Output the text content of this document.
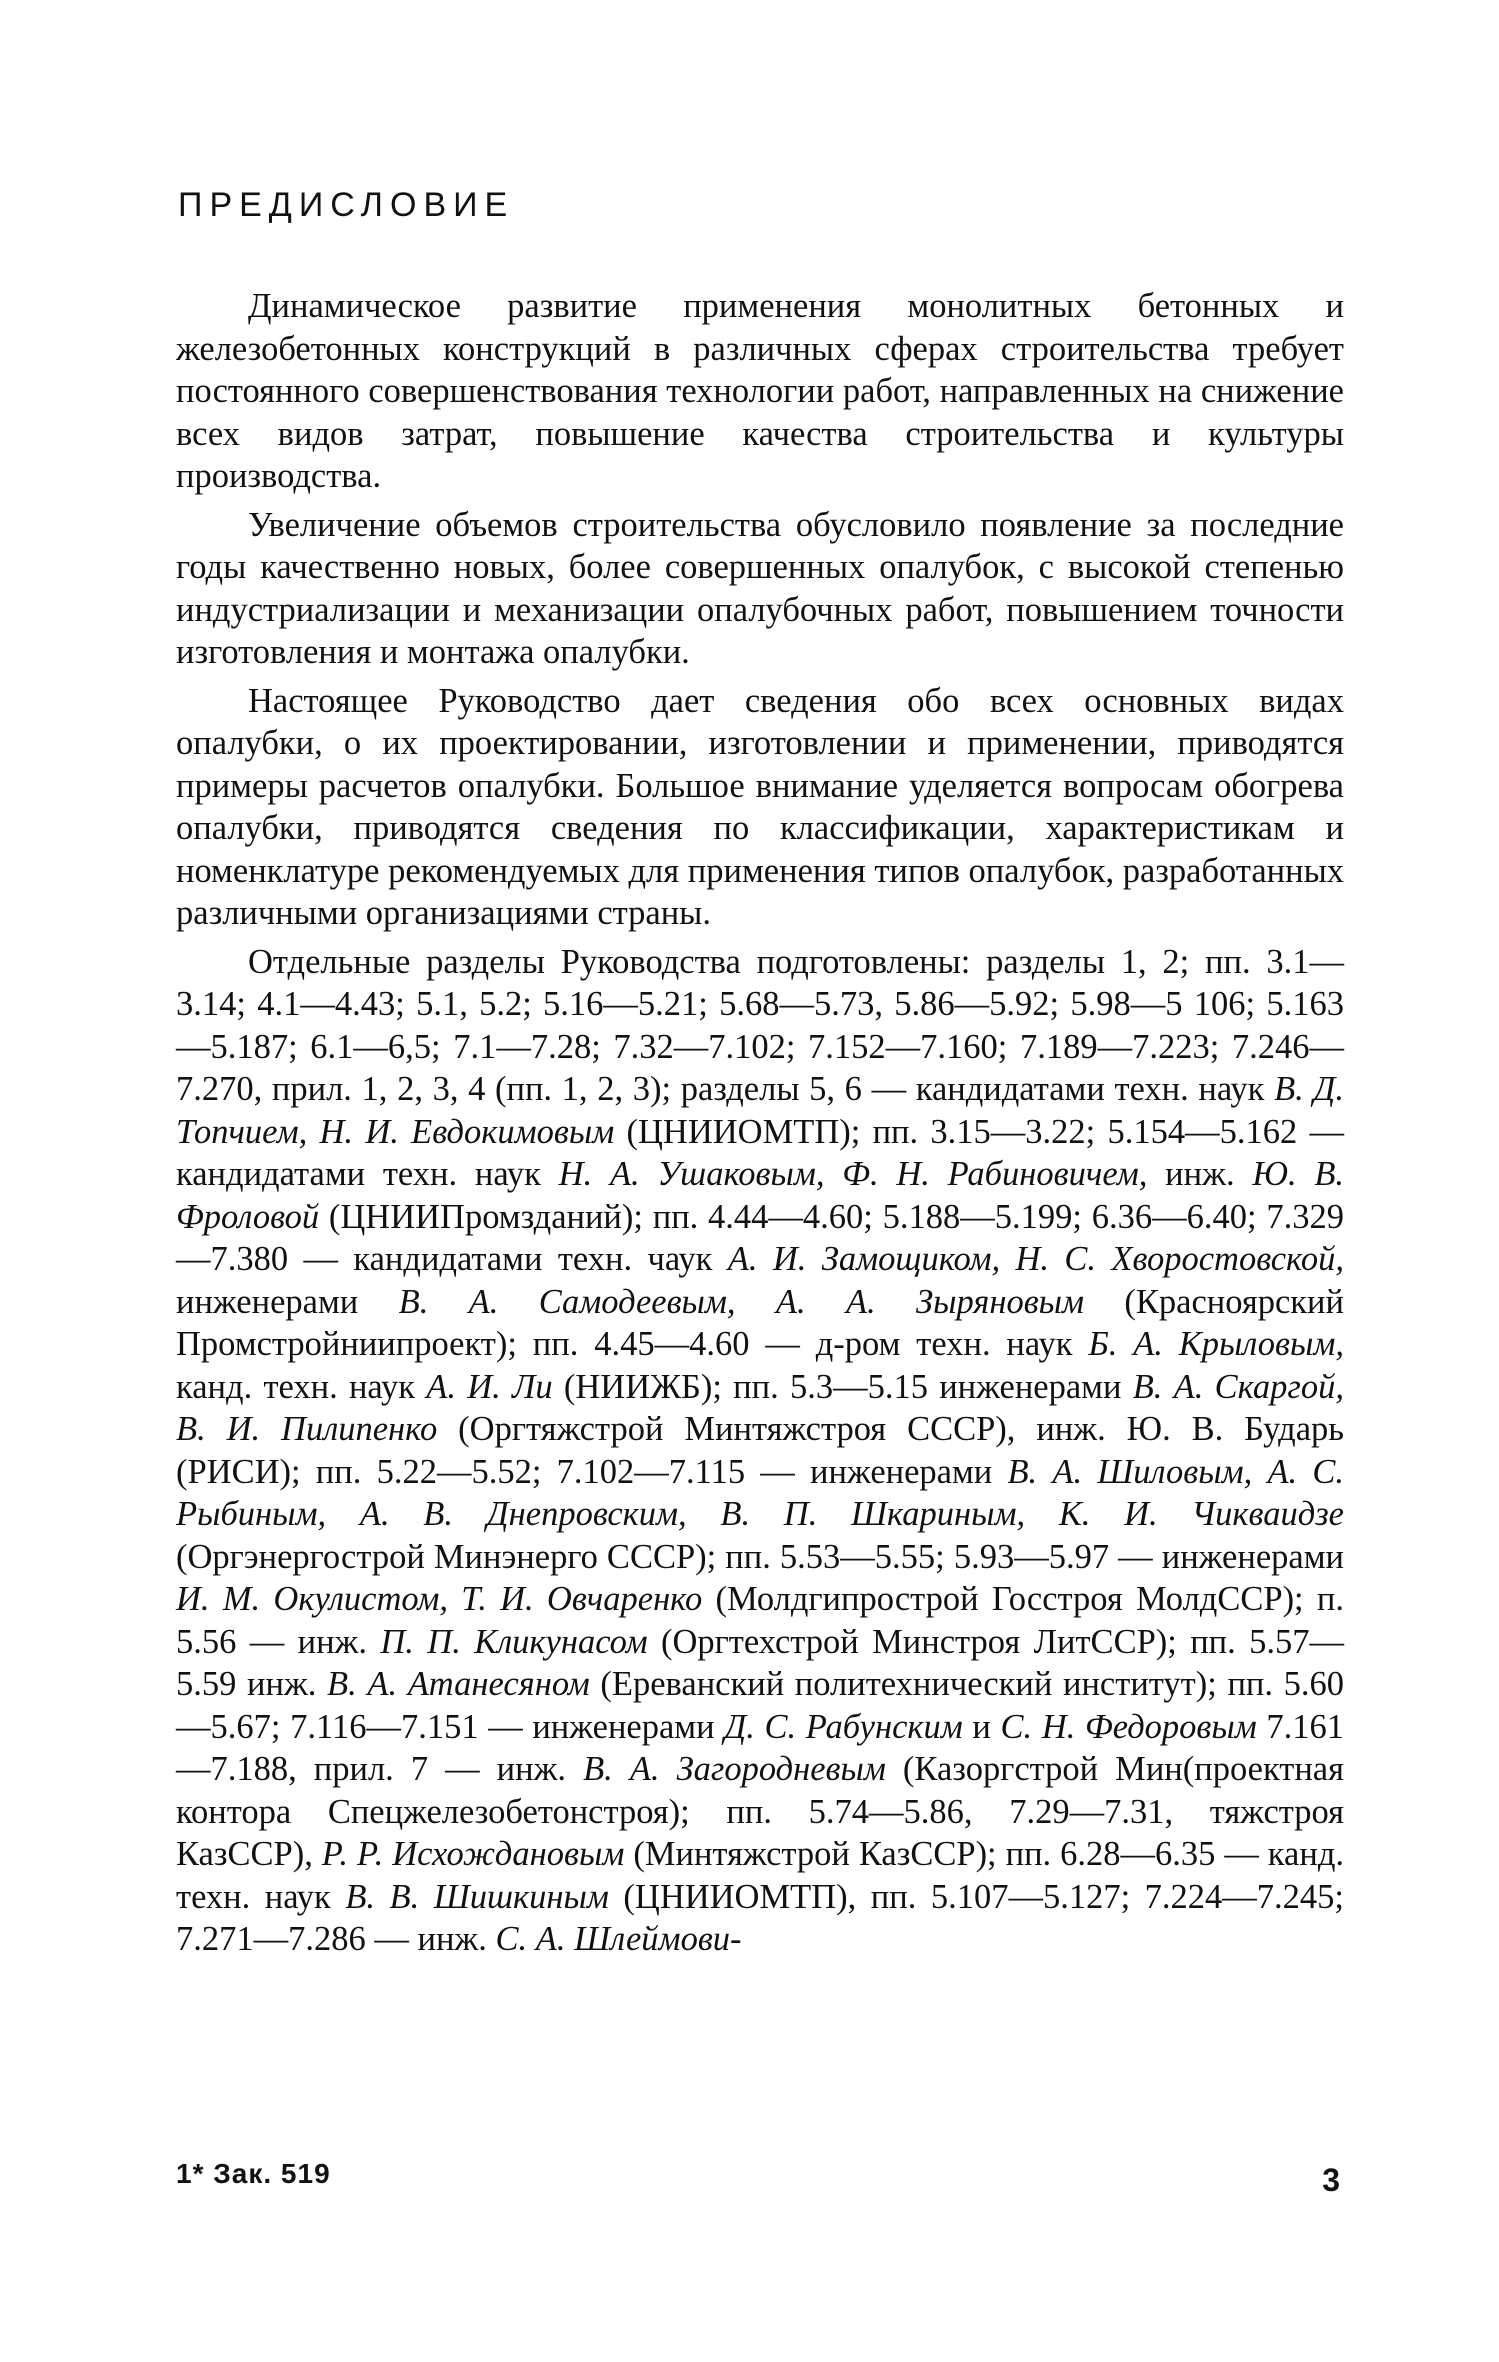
ПРЕДИСЛОВИЕ

Динамическое развитие применения монолитных бетонных и железобетонных конструкций в различных сферах строительства требует постоянного совершенствования технологии работ, направленных на снижение всех видов затрат, повышение качества строительства и культуры производства.

Увеличение объемов строительства обусловило появление за последние годы качественно новых, более совершенных опалубок, с высокой степенью индустриализации и механизации опалубочных работ, повышением точности изготовления и монтажа опалубки.

Настоящее Руководство дает сведения обо всех основных видах опалубки, о их проектировании, изготовлении и применении, приводятся примеры расчетов опалубки. Большое внимание уделяется вопросам обогрева опалубки, приводятся сведения по классификации, характеристикам и номенклатуре рекомендуемых для применения типов опалубок, разработанных различными организациями страны.

Отдельные разделы Руководства подготовлены: разделы 1, 2; пп. 3.1—3.14; 4.1—4.43; 5.1, 5.2; 5.16—5.21; 5.68—5.73, 5.86—5.92; 5.98—5 106; 5.163—5.187; 6.1—6,5; 7.1—7.28; 7.32—7.102; 7.152—7.160; 7.189—7.223; 7.246—7.270, прил. 1, 2, 3, 4 (пп. 1, 2, 3); разделы 5, 6 — кандидатами техн. наук В. Д. Топчием, Н. И. Евдокимовым (ЦНИИОМТП); пп. 3.15—3.22; 5.154—5.162 — кандидатами техн. наук Н. А. Ушаковым, Ф. Н. Рабиновичем, инж. Ю. В. Фроловой (ЦНИИПромзданий); пп. 4.44—4.60; 5.188—5.199; 6.36—6.40; 7.329—7.380 — кандидатами техн. чаук А. И. Замощиком, Н. С. Хворостовской, инженерами В. А. Самодеевым, А. А. Зыряновым (Красноярский Промстройниипроект); пп. 4.45—4.60 — д-ром техн. наук Б. А. Крыловым, канд. техн. наук А. И. Ли (НИИЖБ); пп. 5.3—5.15 инженерами В. А. Скаргой, В. И. Пилипенко (Оргтяжстрой Минтяжстроя СССР), инж. Ю. В. Бударь (РИСИ); пп. 5.22—5.52; 7.102—7.115 — инженерами В. А. Шиловым, А. С. Рыбиным, А. В. Днепровским, В. П. Шкариным, К. И. Чикваидзе (Оргэнергострой Минэнерго СССР); пп. 5.53—5.55; 5.93—5.97 — инженерами И. М. Окулистом, Т. И. Овчаренко (Молдгипрострой Госстроя МолдССР); п. 5.56 — инж. П. П. Кликунасом (Оргтехстрой Минстроя ЛитССР); пп. 5.57—5.59 инж. В. А. Атанесяном (Ереванский политехнический институт); пп. 5.60—5.67; 7.116—7.151 — инженерами Д. С. Рабунским и С. Н. Федоровым 7.161—7.188, прил. 7 — инж. В. А. Загородневым (Казоргстрой Мин(проектная контора Спецжелезобетонстроя); пп. 5.74—5.86, 7.29—7.31, тяжстроя КазССР), Р. Р. Исхождановым (Минтяжстрой КазССР); пп. 6.28—6.35 — канд. техн. наук В. В. Шишкиным (ЦНИИОМТП), пп. 5.107—5.127; 7.224—7.245; 7.271—7.286 — инж. С. А. Шлеймови-

1* Зак. 519	3
